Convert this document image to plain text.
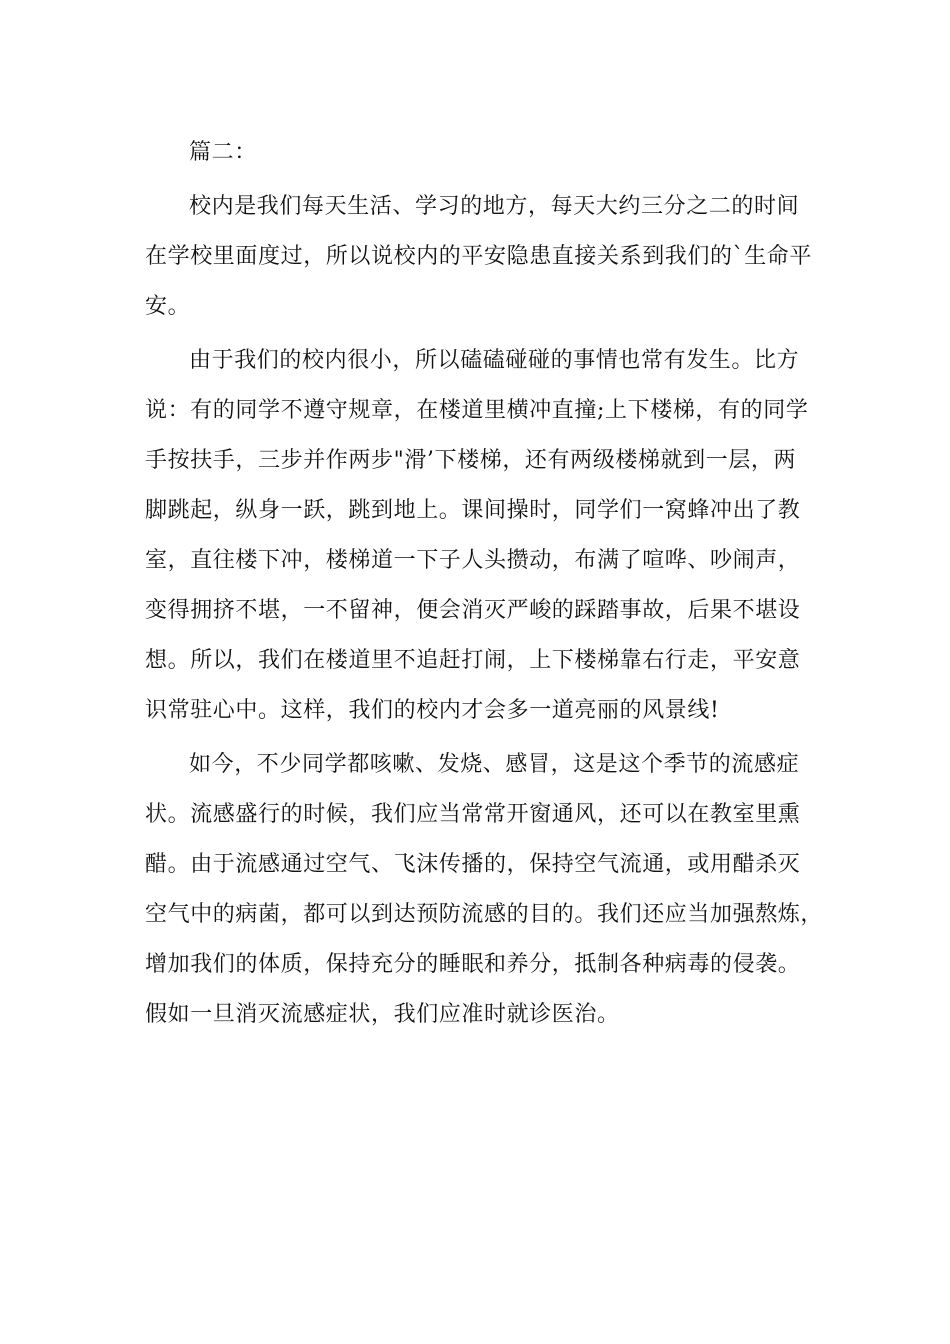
篇二：
校内是我们每天生活、学习的地方，每天大约三分之二的时间
在学校里面度过，所以说校内的平安隐患直接关系到我们的`生命平
安。
由于我们的校内很小，所以磕磕碰碰的事情也常有发生。比方
说：有的同学不遵守规章，在楼道里横冲直撞;上下楼梯，有的同学
手按扶手，三步并作两步"滑’下楼梯，还有两级楼梯就到一层，两
脚跳起，纵身一跃，跳到地上。课间操时，同学们一窝蜂冲出了教
室，直往楼下冲，楼梯道一下子人头攒动，布满了喧哗、吵闹声，
变得拥挤不堪，一不留神，便会消灭严峻的踩踏事故，后果不堪设
想。所以，我们在楼道里不追赶打闹，上下楼梯靠右行走，平安意
识常驻心中。这样，我们的校内才会多一道亮丽的风景线!
如今，不少同学都咳嗽、发烧、感冒，这是这个季节的流感症
状。流感盛行的时候，我们应当常常开窗通风，还可以在教室里熏
醋。由于流感通过空气、飞沫传播的，保持空气流通，或用醋杀灭
空气中的病菌，都可以到达预防流感的目的。我们还应当加强熬炼，
增加我们的体质，保持充分的睡眠和养分，抵制各种病毒的侵袭。
假如一旦消灭流感症状，我们应准时就诊医治。
